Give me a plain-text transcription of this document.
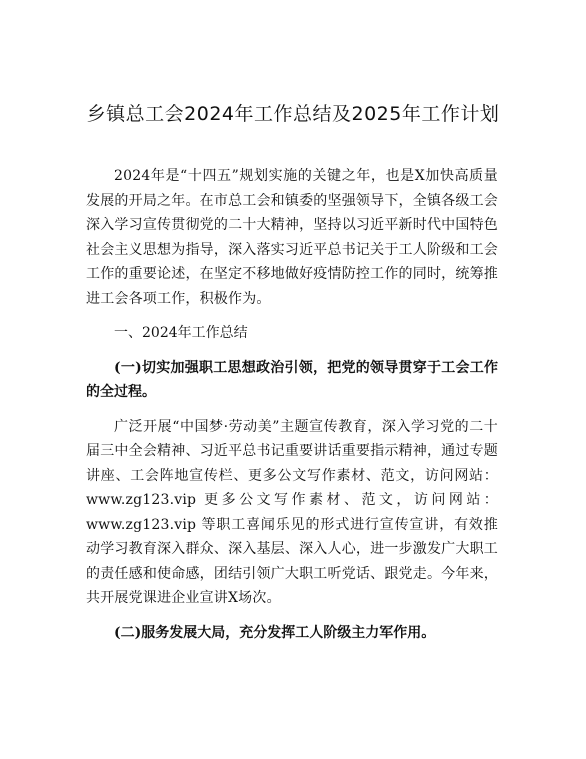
乡镇总工会2024年工作总结及2025年工作计划

2024年是“十四五”规划实施的关键之年，也是X加快高质量发展的开局之年。在市总工会和镇委的坚强领导下，全镇各级工会深入学习宣传贯彻党的二十大精神，坚持以习近平新时代中国特色社会主义思想为指导，深入落实习近平总书记关于工人阶级和工会工作的重要论述，在坚定不移地做好疫情防控工作的同时，统筹推进工会各项工作，积极作为。

一、2024年工作总结

(一)切实加强职工思想政治引领，把党的领导贯穿于工会工作的全过程。

广泛开展“中国梦·劳动美”主题宣传教育，深入学习党的二十届三中全会精神、习近平总书记重要讲话重要指示精神，通过专题讲座、工会阵地宣传栏、更多公文写作素材、范文，访问网站：www.zg123.vip 更多公文写作素材、范文，访问网站：www.zg123.vip 等职工喜闻乐见的形式进行宣传宣讲，有效推动学习教育深入群众、深入基层、深入人心，进一步激发广大职工的责任感和使命感，团结引领广大职工听党话、跟党走。今年来，共开展党课进企业宣讲X场次。

(二)服务发展大局，充分发挥工人阶级主力军作用。
